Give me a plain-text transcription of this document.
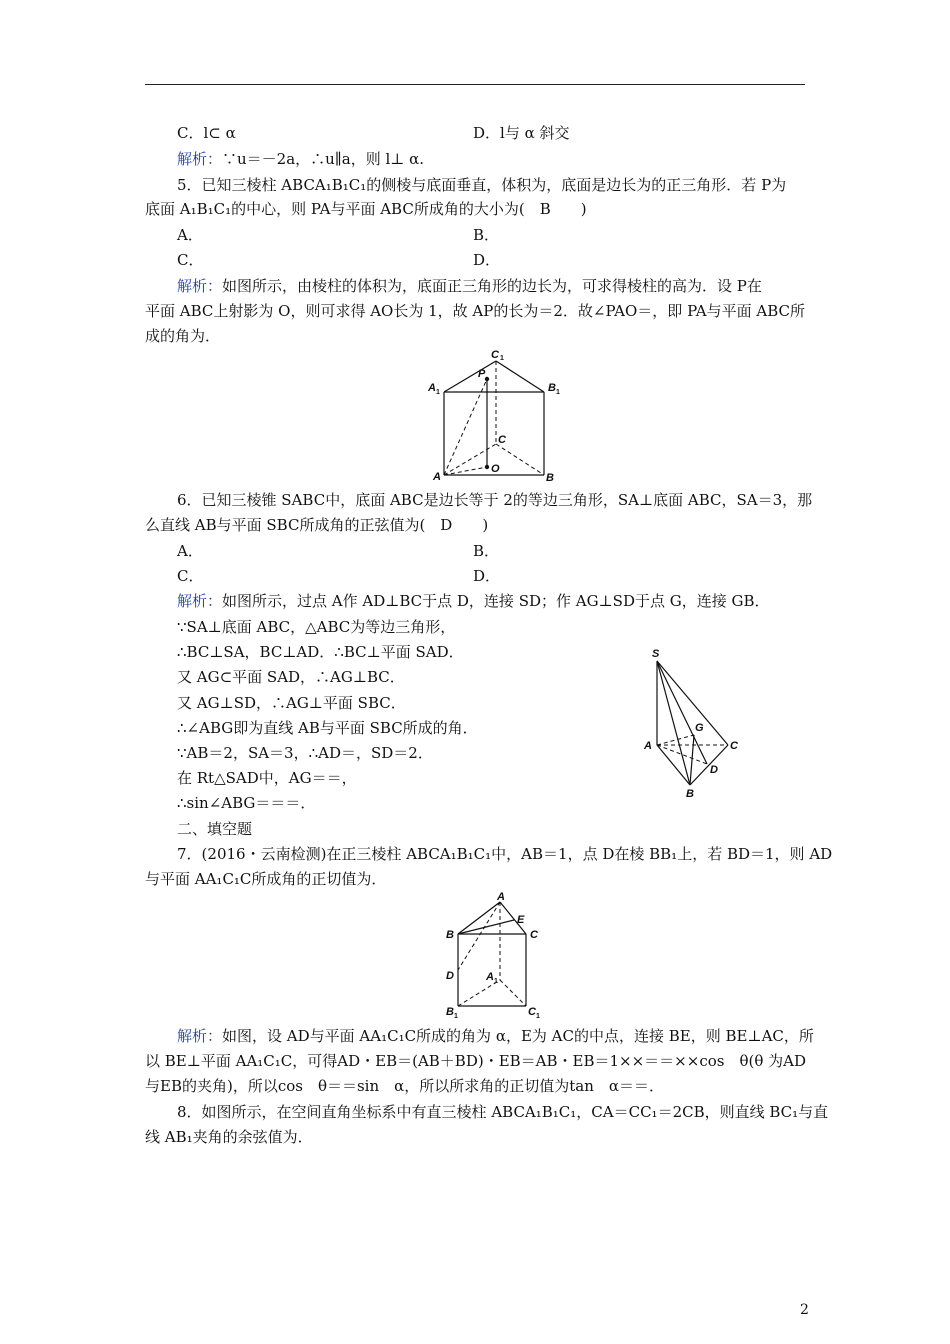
C．l⊂ α	D．l与 α 斜交
解析：∵u＝－2a，∴u∥a，则 l⊥ α.
5．已知三棱柱 ABCA₁B₁C₁的侧棱与底面垂直，体积为，底面是边长为的正三角形．若 P为
底面 A₁B₁C₁的中心，则 PA与平面 ABC所成角的大小为(　B　　)
A．	B．
C．	D．
解析：如图所示，由棱柱的体积为，底面正三角形的边长为，可求得棱柱的高为．设 P在
平面 ABC上射影为 O，则可求得 AO长为 1，故 AP的长为＝2．故∠PAO＝，即 PA与平面 ABC所
成的角为．
C 1
A 1	B 1
P
C
O
A	B
6．已知三棱锥 SABC中，底面 ABC是边长等于 2的等边三角形，SA⊥底面 ABC，SA＝3，那
么直线 AB与平面 SBC所成角的正弦值为(　D　　)
A．	B．
C．	D．
解析：如图所示，过点 A作 AD⊥BC于点 D，连接 SD；作 AG⊥SD于点 G，连接 GB．
∵SA⊥底面 ABC，△ABC为等边三角形，
∴BC⊥SA，BC⊥AD．∴BC⊥平面 SAD．
又 AG⊂平面 SAD，∴AG⊥BC．
又 AG⊥SD，∴AG⊥平面 SBC．
∴∠ABG即为直线 AB与平面 SBC所成的角．
∵AB＝2，SA＝3，∴AD＝，SD＝2．
在 Rt△SAD中，AG＝＝，
∴sin∠ABG＝＝＝．
S
A	C
G
D
B
二、填空题
7．(2016・云南检测)在正三棱柱 ABCA₁B₁C₁中，AB＝1，点 D在棱 BB₁上，若 BD＝1，则 AD
与平面 AA₁C₁C所成角的正切值为．
A
E
B	C
D	A 1
B 1	C 1
解析：如图，设 AD与平面 AA₁C₁C所成的角为 α，E为 AC的中点，连接 BE，则 BE⊥AC，所
以 BE⊥平面 AA₁C₁C，可得AD・EB＝(AB＋BD)・EB＝AB・EB＝1××＝＝××cos　θ(θ 为AD
与EB的夹角)，所以cos　θ＝＝sin　α，所以所求角的正切值为tan　α＝＝．
8．如图所示，在空间直角坐标系中有直三棱柱 ABCA₁B₁C₁，CA＝CC₁＝2CB，则直线 BC₁与直
线 AB₁夹角的余弦值为．
2
